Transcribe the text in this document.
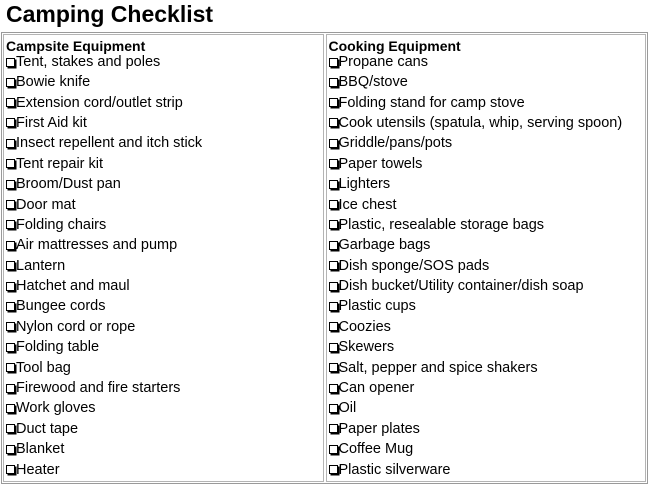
Camping Checklist
Campsite Equipment
Tent, stakes and poles
Bowie knife
Extension cord/outlet strip
First Aid kit
Insect repellent and itch stick
Tent repair kit
Broom/Dust pan
Door mat
Folding chairs
Air mattresses and pump
Lantern
Hatchet and maul
Bungee cords
Nylon cord or rope
Folding table
Tool bag
Firewood and fire starters
Work gloves
Duct tape
Blanket
Heater
Cooking Equipment
Propane cans
BBQ/stove
Folding stand for camp stove
Cook utensils (spatula, whip, serving spoon)
Griddle/pans/pots
Paper towels
Lighters
Ice chest
Plastic, resealable storage bags
Garbage bags
Dish sponge/SOS pads
Dish bucket/Utility container/dish soap
Plastic cups
Coozies
Skewers
Salt, pepper and spice shakers
Can opener
Oil
Paper plates
Coffee Mug
Plastic silverware
